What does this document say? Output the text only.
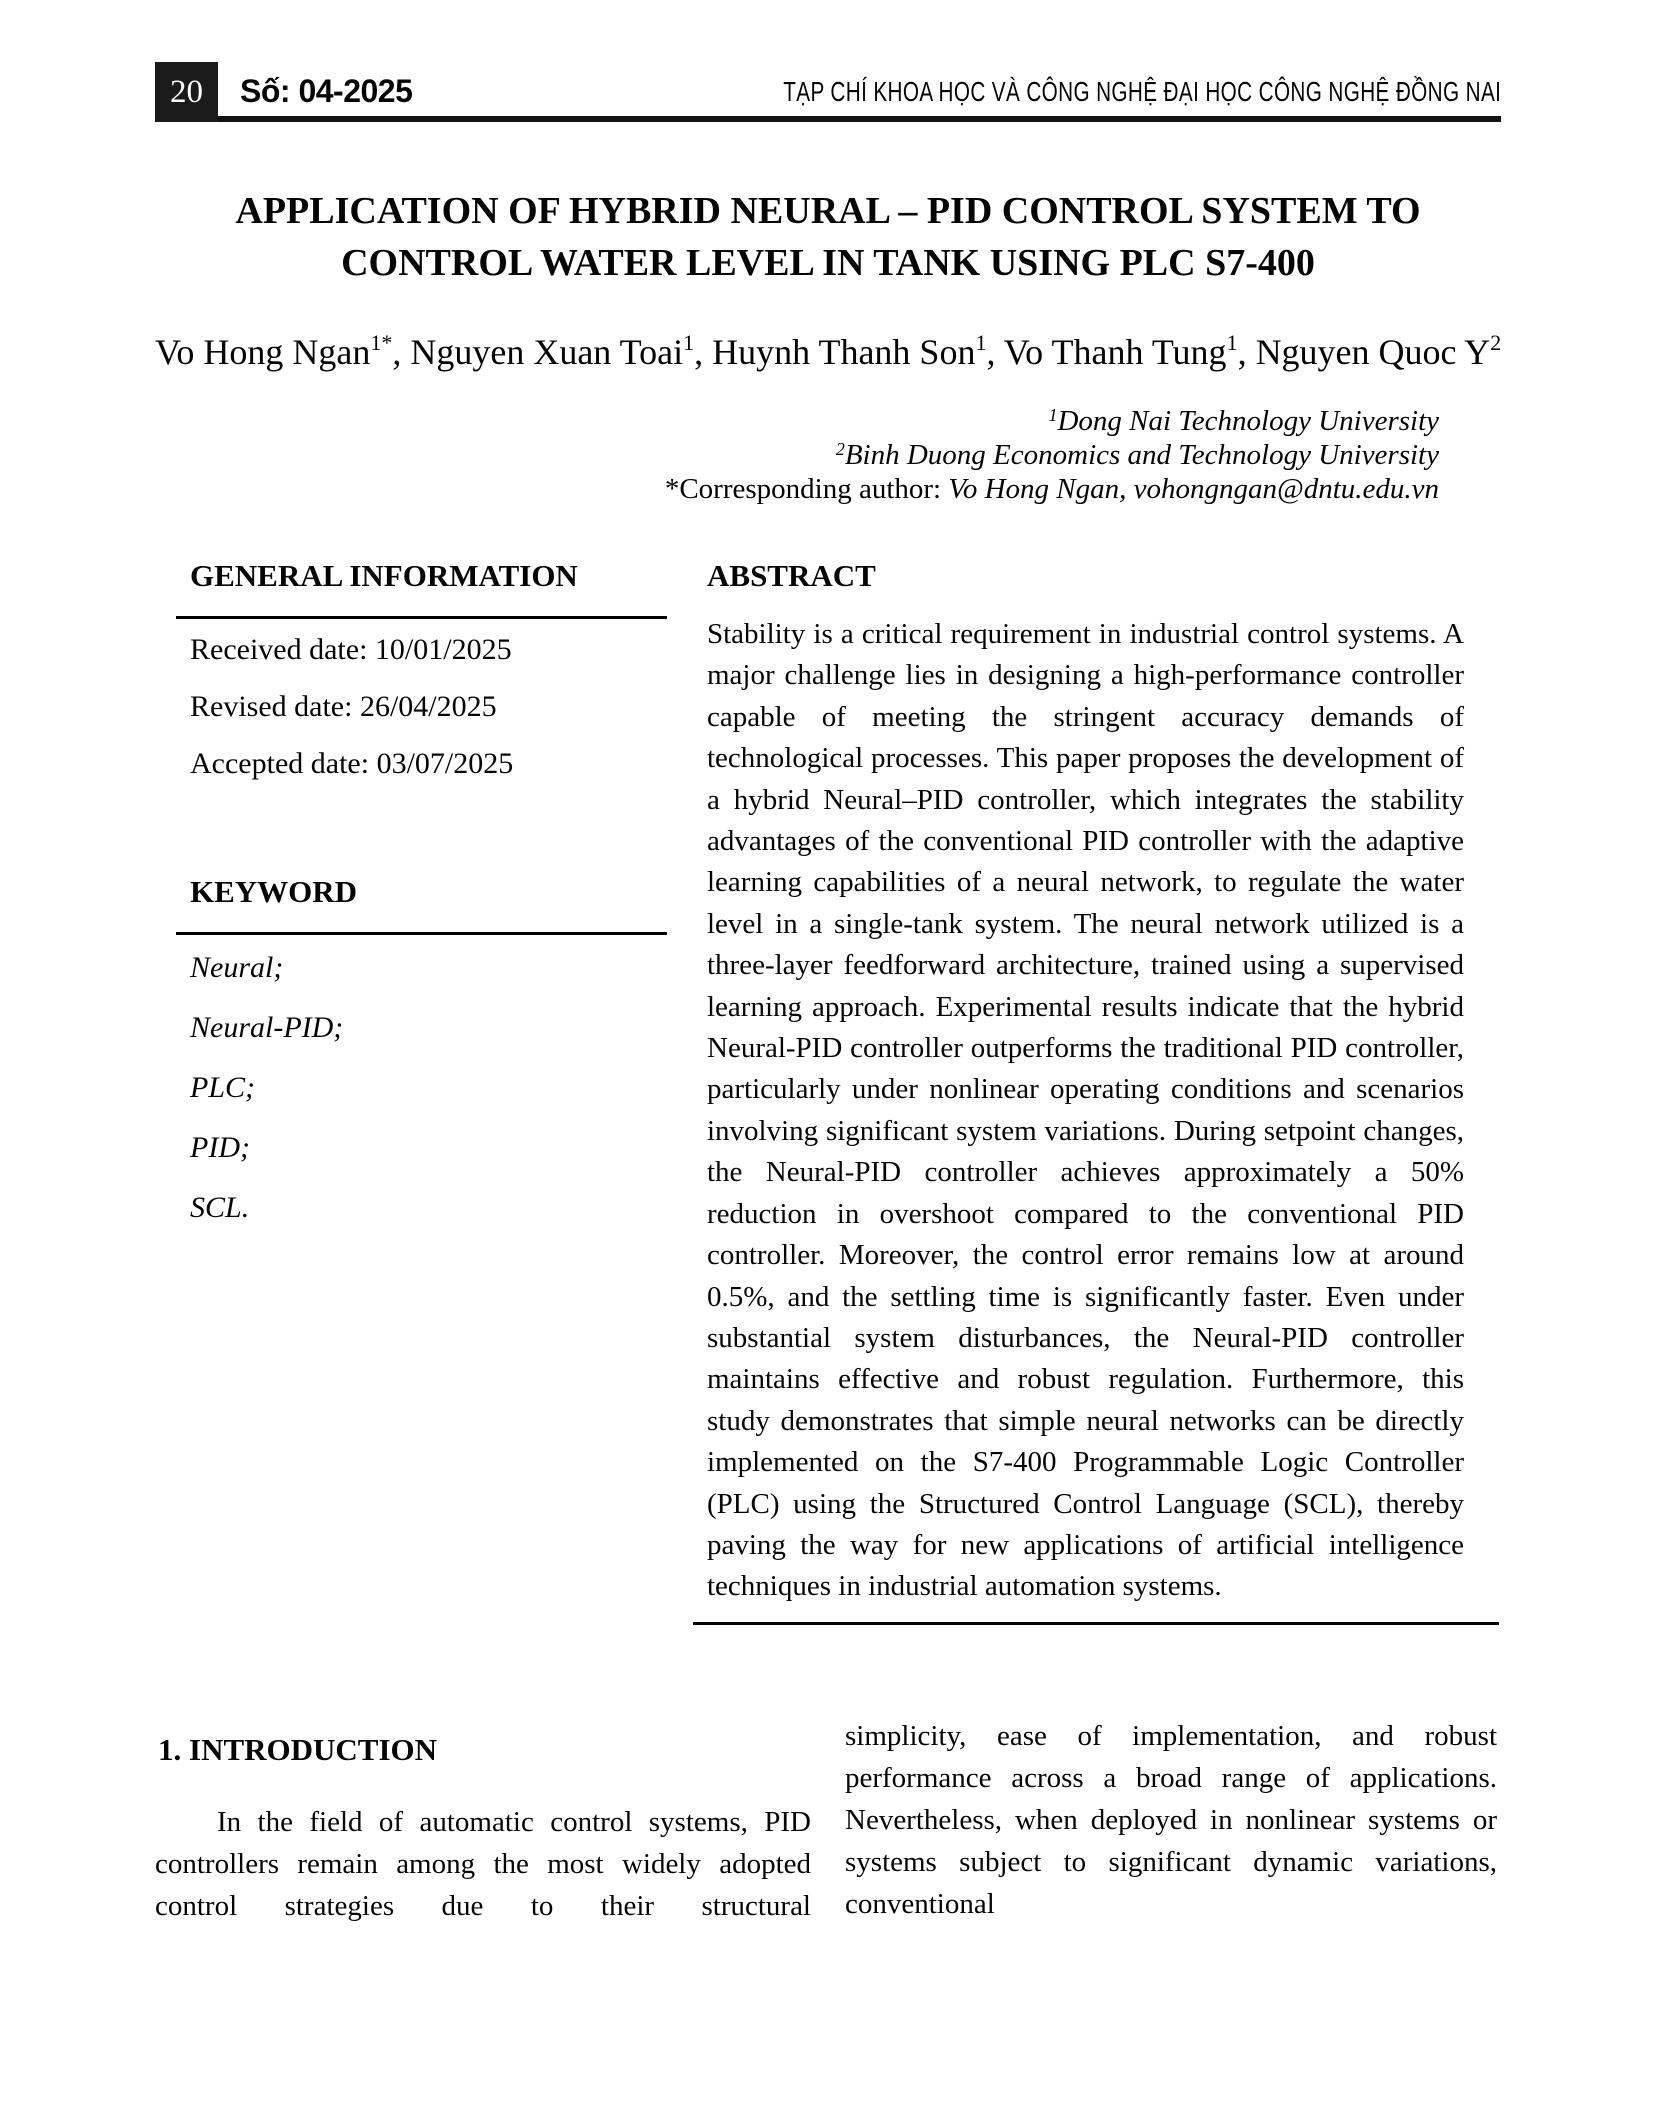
20 Số: 04-2025	TẠP CHÍ KHOA HỌC VÀ CÔNG NGHỆ ĐẠI HỌC CÔNG NGHỆ ĐỒNG NAI
APPLICATION OF HYBRID NEURAL – PID CONTROL SYSTEM TO
CONTROL WATER LEVEL IN TANK USING PLC S7-400
Vo Hong Ngan$^{1*}$, Nguyen Xuan Toai$^1$, Huynh Thanh Son$^1$, Vo Thanh Tung$^1$, Nguyen Quoc $Y^2$
$^1$Dong Nai Technology University
$^2$Binh Duong Economics and Technology University
*Corresponding author: Vo Hong Ngan, vohongngan@dntu.edu.vn
GENERAL INFORMATION

Received date: 10/01/2025

Revised date: 26/04/2025

Accepted date: 03/07/2025

KEYWORD

Neural;

Neural-PID;

PLC;

PID;

SCL.

ABSTRACT

Stability is a critical requirement in industrial control systems. A major challenge lies in designing a high-performance controller capable of meeting the stringent accuracy demands of technological processes. This paper proposes the development of a hybrid Neural–PID controller, which integrates the stability advantages of the conventional PID controller with the adaptive learning capabilities of a neural network, to regulate the water level in a single-tank system. The neural network utilized is a three-layer feedforward architecture, trained using a supervised learning approach. Experimental results indicate that the hybrid Neural-PID controller outperforms the traditional PID controller, particularly under nonlinear operating conditions and scenarios involving significant system variations. During setpoint changes, the Neural-PID controller achieves approximately a 50% reduction in overshoot compared to the conventional PID controller. Moreover, the control error remains low at around 0.5%, and the settling time is significantly faster. Even under substantial system disturbances, the Neural-PID controller maintains effective and robust regulation. Furthermore, this study demonstrates that simple neural networks can be directly implemented on the S7-400 Programmable Logic Controller (PLC) using the Structured Control Language (SCL), thereby paving the way for new applications of artificial intelligence techniques in industrial automation systems.

1. INTRODUCTION

In the field of automatic control systems, PID controllers remain among the most widely adopted control strategies due to their structural

simplicity, ease of implementation, and robust performance across a broad range of applications. Nevertheless, when deployed in nonlinear systems or systems subject to significant dynamic variations, conventional
